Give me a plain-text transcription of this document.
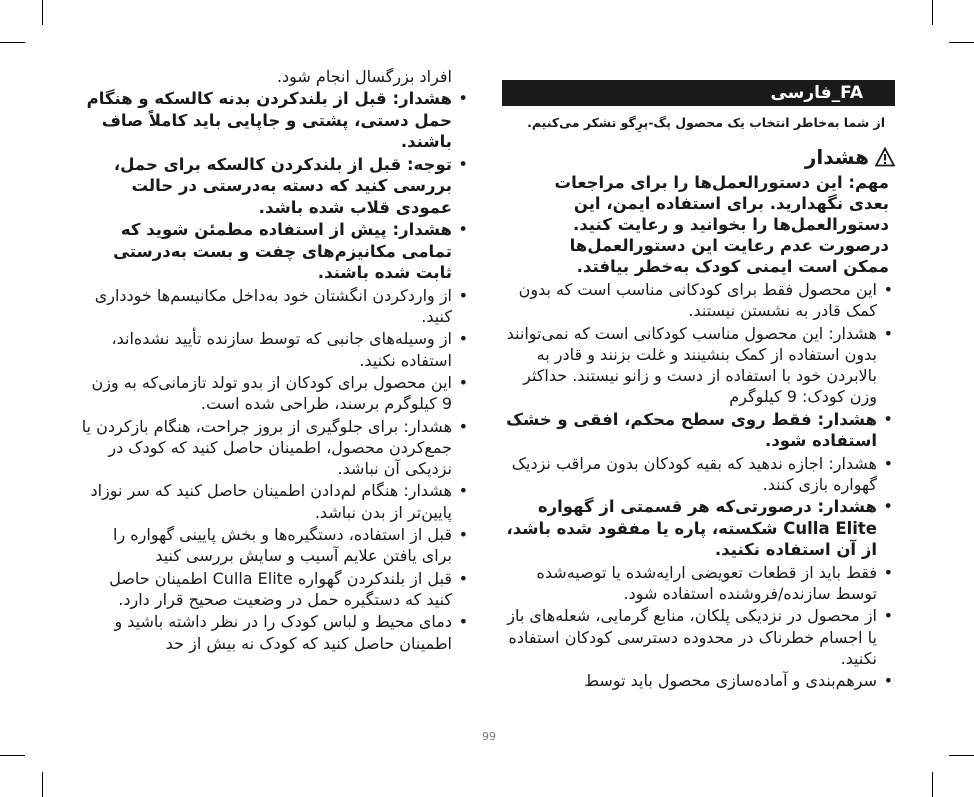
FA_فارسی
از شما به‌خاطر انتخاب یک محصول پگ-پرِگو تشکر می‌کنیم.
هشدار
مهم: این دستورالعمل‌ها را برای مراجعات بعدی نگهدارید. برای استفاده ایمن، این دستورالعمل‌ها را بخوانید و رعایت کنید. درصورت عدم رعایت این دستورالعمل‌ها ممکن است ایمنی کودک به‌خطر بیافتد.
• این محصول فقط برای کودکانی مناسب است که بدون کمک قادر به نشستن نیستند.
• هشدار: این محصول مناسب کودکانی است که نمی‌توانند بدون استفاده از کمک بنشینند و غلت بزنند و قادر به بالابردن خود با استفاده از دست و زانو نیستند. حداکثر وزن کودک: 9 کیلوگرم
• هشدار: فقط روی سطح محکم، افقی و خشک استفاده شود.
• هشدار: اجازه ندهید که بقیه کودکان بدون مراقب نزدیک گهواره بازی کنند.
• هشدار: درصورتی‌که هر قسمتی از گهواره Culla Elite شکسته، پاره یا مفقود شده باشد، از آن استفاده نکنید.
• فقط باید از قطعات تعویضی ارایه‌شده یا توصیه‌شده توسط سازنده/فروشنده استفاده شود.
• از محصول در نزدیکی پلکان، منابع گرمایی، شعله‌های باز یا اجسام خطرناک در محدوده دسترسی کودکان استفاده نکنید.
• سرهم‌بندی و آماده‌سازی محصول باید توسط
افراد بزرگسال انجام شود.
• هشدار: قبل از بلندکردن بدنه کالسکه و هنگام حمل دستی، پشتی و جاپایی باید کاملاً صاف باشند.
• توجه: قبل از بلندکردن کالسکه برای حمل، بررسی کنید که دسته به‌درستی در حالت عمودی قلاب شده باشد.
• هشدار: پیش از استفاده مطمئن شوید که تمامی مکانیزم‌های چفت و بست به‌درستی ثابت شده باشند.
• از واردکردن انگشتان خود به‌داخل مکانیسم‌ها خودداری کنید.
• از وسیله‌های جانبی که توسط سازنده تأیید نشده‌اند، استفاده نکنید.
• این محصول برای کودکان از بدو تولد تازمانی‌که به وزن 9 کیلوگرم برسند، طراحی شده است.
• هشدار: برای جلوگیری از بروز جراحت، هنگام بازکردن یا جمع‌کردن محصول، اطمینان حاصل کنید که کودک در نزدیکی آن نباشد.
• هشدار: هنگام لم‌دادن اطمینان حاصل کنید که سر نوزاد پایین‌تر از بدن نباشد.
• قبل از استفاده، دستگیره‌ها و بخش پایینی گهواره را برای یافتن علایم آسیب و سایش بررسی کنید
• قبل از بلندکردن گهواره Culla Elite اطمینان حاصل کنید که دستگیره حمل در وضعیت صحیح قرار دارد.
• دمای محیط و لباس کودک را در نظر داشته باشید و اطمینان حاصل کنید که کودک نه بیش از حد
99
